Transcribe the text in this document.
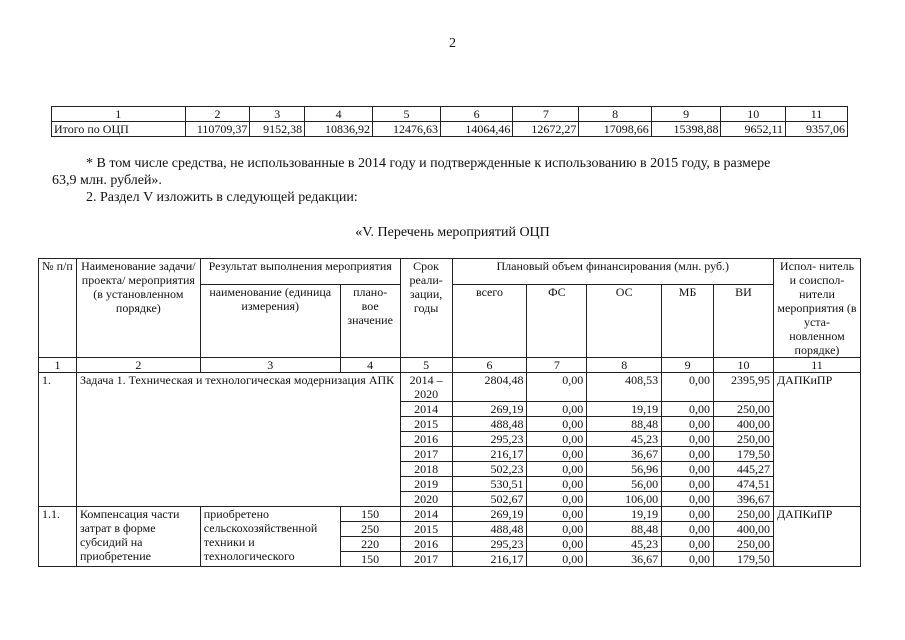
2
1	2	3	4	5	6	7	8	9	10	11
Итого по ОЦП	110709,37	9152,38	10836,92	12476,63	14064,46	12672,27	17098,66	15398,88	9652,11	9357,06
* В том числе средства, не использованные в 2014 году и подтвержденные к использованию в 2015 году, в размере
63,9 млн. рублей».
2. Раздел V изложить в следующей редакции:
«V. Перечень мероприятий ОЦП
№ п/п	Наименование задачи/проекта/ мероприятия (в установленном порядке)	Результат выполнения мероприятия		Срок реали- зации, годы	Плановый объем финансирования (млн. руб.)					Испол- нитель и соиспол- нители мероприятия (в уста- новленном порядке)
		наименование (единица измерения)	плано- вое значение		всего	ФС	ОС	МБ	ВИ	
1	2	3	4	5	6	7	8	9	10	11
1.	Задача 1. Техническая и технологическая модернизация АПК			2014 – 2020	2804,48	0,00	408,53	0,00	2395,95	ДАПКиПР
				2014	269,19	0,00	19,19	0,00	250,00	
				2015	488,48	0,00	88,48	0,00	400,00	
				2016	295,23	0,00	45,23	0,00	250,00	
				2017	216,17	0,00	36,67	0,00	179,50	
				2018	502,23	0,00	56,96	0,00	445,27	
				2019	530,51	0,00	56,00	0,00	474,51	
				2020	502,67	0,00	106,00	0,00	396,67	
1.1.	Компенсация части затрат в форме субсидий на приобретение	приобретено сельскохозяйственной техники и технологического	150	2014	269,19	0,00	19,19	0,00	250,00	ДАПКиПР
			250	2015	488,48	0,00	88,48	0,00	400,00	
			220	2016	295,23	0,00	45,23	0,00	250,00	
			150	2017	216,17	0,00	36,67	0,00	179,50	
